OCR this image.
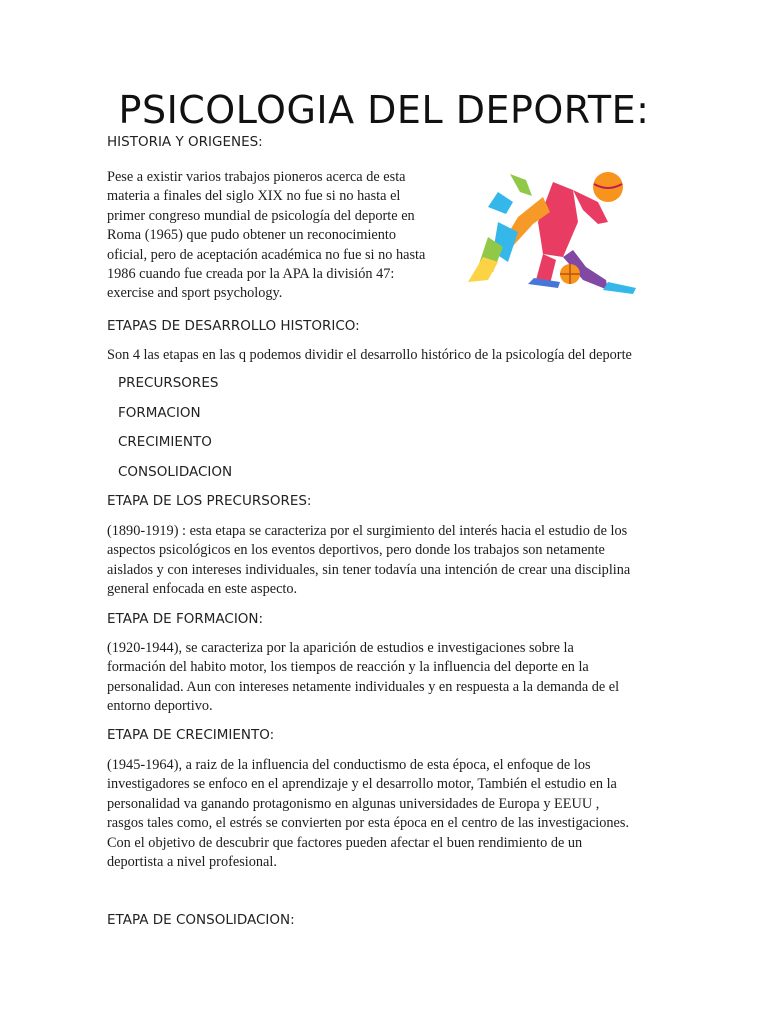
PSICOLOGIA DEL DEPORTE:

HISTORIA Y ORIGENES:

Pese a existir varios trabajos pioneros acerca de esta
materia a finales del siglo XIX no fue si no hasta el
primer congreso mundial de psicología del deporte en
Roma (1965) que pudo obtener un reconocimiento
oficial, pero de aceptación académica no fue si no hasta
1986 cuando fue creada por la APA la división 47:
exercise and sport psychology.

ETAPAS DE DESARROLLO HISTORICO:

Son 4 las etapas en las q podemos dividir el desarrollo histórico de la psicología del deporte

PRECURSORES

FORMACION

CRECIMIENTO

CONSOLIDACION

ETAPA DE LOS PRECURSORES:

(1890-1919) : esta etapa se caracteriza por el surgimiento del interés hacia el estudio de los
aspectos psicológicos en los eventos deportivos, pero donde los trabajos son netamente
aislados y con intereses individuales, sin tener todavía una intención de crear una disciplina
general enfocada en este aspecto.

ETAPA DE FORMACION:

(1920-1944), se caracteriza por la aparición de estudios e investigaciones sobre la
formación del habito motor, los tiempos de reacción y la influencia del deporte en la
personalidad. Aun con intereses netamente individuales y en respuesta a la demanda de el
entorno deportivo.

ETAPA DE CRECIMIENTO:

(1945-1964), a raiz de la influencia del conductismo de esta época, el enfoque de los
investigadores se enfoco en el aprendizaje y el desarrollo motor, También el estudio en la
personalidad va ganando protagonismo en algunas universidades de Europa y EEUU ,
rasgos tales como, el estrés se convierten por esta época en el centro de las investigaciones.
Con el objetivo de descubrir que factores pueden afectar el buen rendimiento de un
deportista a nivel profesional.

ETAPA DE CONSOLIDACION:
